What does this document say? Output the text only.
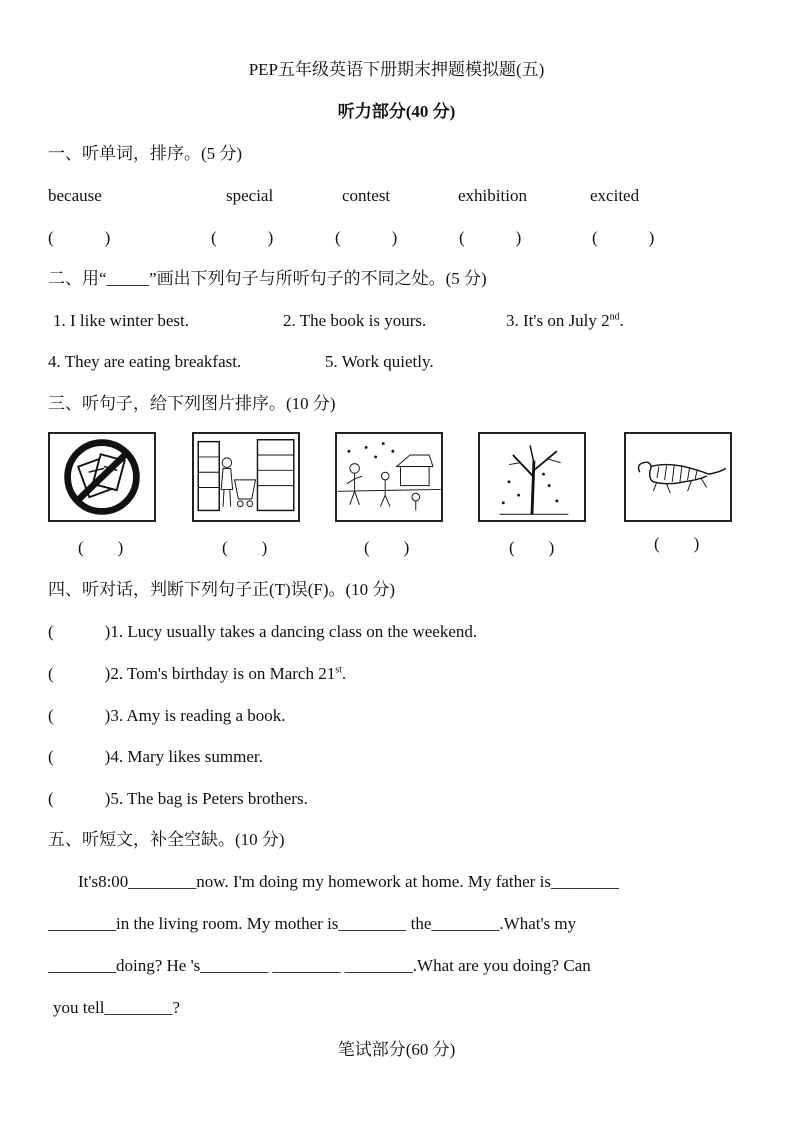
PEP五年级英语下册期末押题模拟题(五)
听力部分(40 分)
一、听单词，排序。(5 分)
because	special	contest	exhibition	excited
(　　　)	(　　　)	(　　　)	(　　　)	(　　　)
二、用“_____”画出下列句子与所听句子的不同之处。(5 分)
1. I like winter best.	2. The book is yours.	3. It's on July 2nd.
4. They are eating breakfast.	5. Work quietly.
三、听句子，给下列图片排序。(10 分)
(　　)	(　　)	(　　)	(　　)	(　　)
四、听对话，判断下列句子正(T)误(F)。(10 分)
(　　　)1. Lucy usually takes a dancing class on the weekend.
(　　　)2. Tom's birthday is on March 21st.
(　　　)3. Amy is reading a book.
(　　　)4. Mary likes summer.
(　　　)5. The bag is Peters brothers.
五、听短文，补全空缺。(10 分)
It's8:00________now. I'm doing my homework at home. My father is________
________in the living room. My mother is________ the________.What's my
________doing? He 's________ ________ ________.What are you doing? Can
you tell________?
笔试部分(60 分)
